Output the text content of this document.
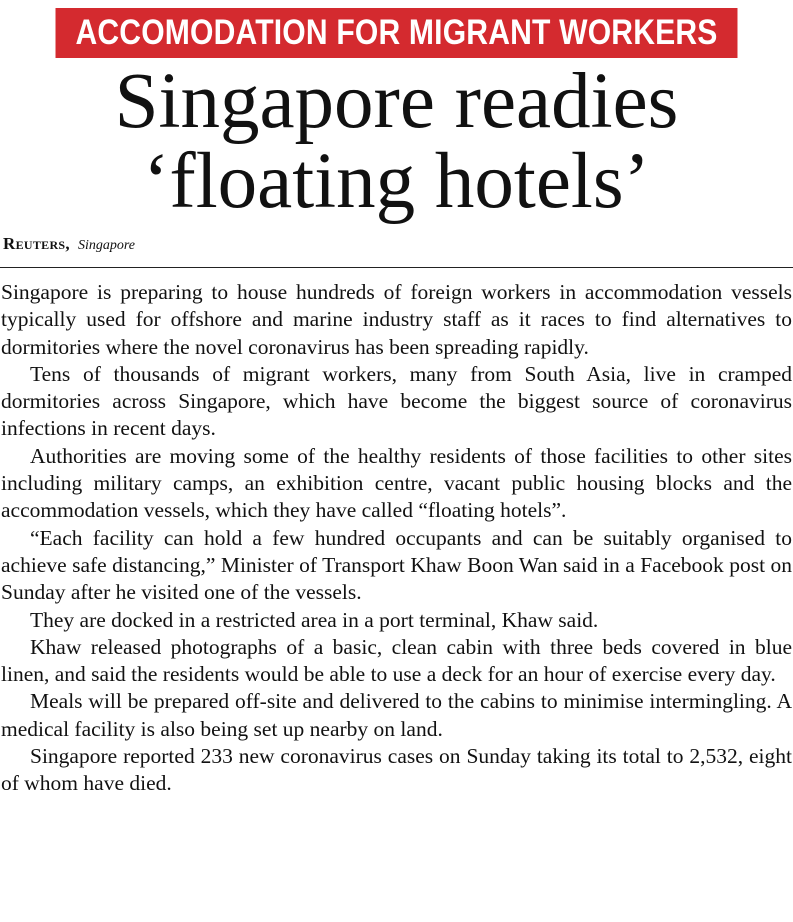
ACCOMODATION FOR MIGRANT WORKERS
Singapore readies
‘floating hotels’
Reuters, Singapore

Singapore is preparing to house hundreds of foreign workers in accommodation vessels typically used for offshore and marine industry staff as it races to find alternatives to dormitories where the novel coronavirus has been spreading rapidly.

Tens of thousands of migrant workers, many from South Asia, live in cramped dormitories across Singapore, which have become the biggest source of coronavirus infections in recent days.

Authorities are moving some of the healthy residents of those facilities to other sites including military camps, an exhibition centre, vacant public housing blocks and the accommodation vessels, which they have called “floating hotels”.

“Each facility can hold a few hundred occupants and can be suitably organised to achieve safe distancing,” Minister of Transport Khaw Boon Wan said in a Facebook post on Sunday after he visited one of the vessels.

They are docked in a restricted area in a port terminal, Khaw said.

Khaw released photographs of a basic, clean cabin with three beds covered in blue linen, and said the residents would be able to use a deck for an hour of exercise every day.

Meals will be prepared off-site and delivered to the cabins to minimise intermingling. A medical facility is also being set up nearby on land.

Singapore reported 233 new coronavirus cases on Sunday taking its total to 2,532, eight of whom have died.
